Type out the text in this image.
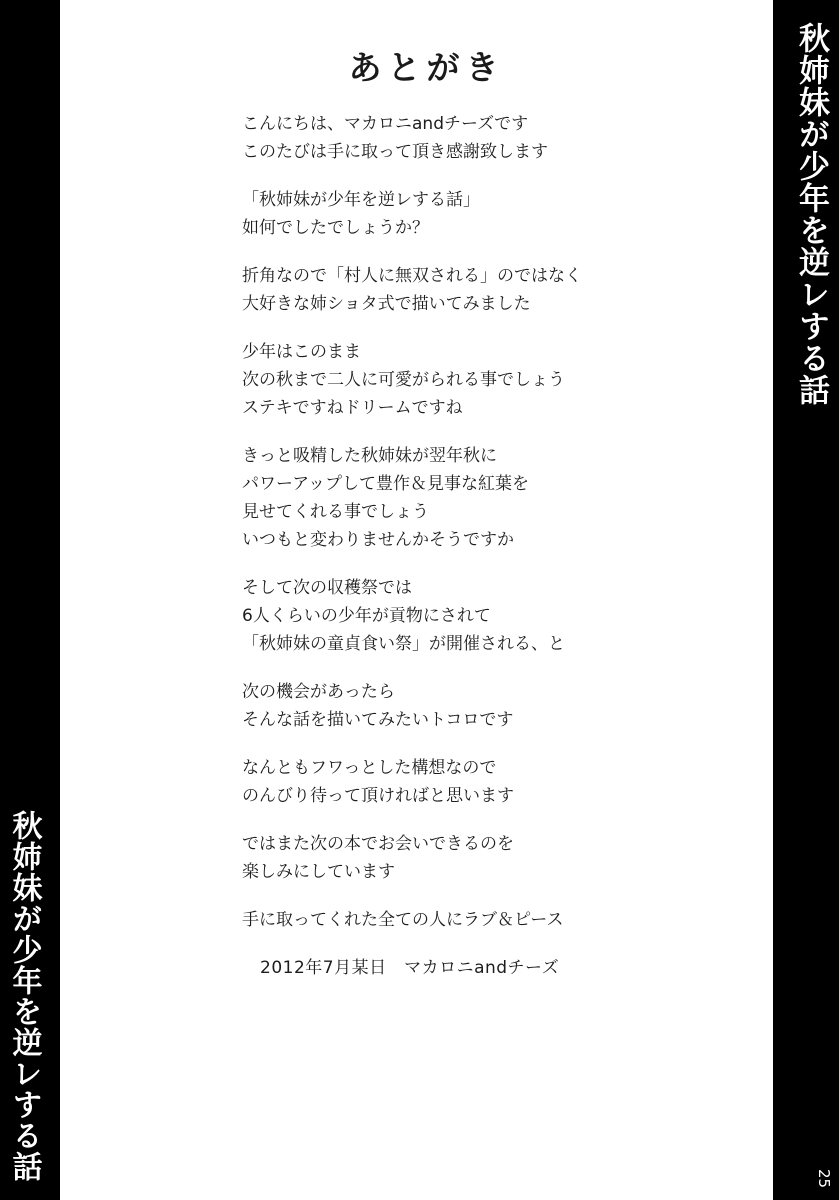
秋姉妹が少年を逆レする話
秋姉妹が少年を逆レする話
25
あとがき
こんにちは、マカロニandチーズです
このたびは手に取って頂き感謝致します
「秋姉妹が少年を逆レする話」
如何でしたでしょうか？
折角なので「村人に無双される」のではなく
大好きな姉ショタ式で描いてみました
少年はこのまま
次の秋まで二人に可愛がられる事でしょう
ステキですねドリームですね
きっと吸精した秋姉妹が翌年秋に
パワーアップして豊作＆見事な紅葉を
見せてくれる事でしょう
いつもと変わりませんかそうですか
そして次の収穫祭では
6人くらいの少年が貢物にされて
「秋姉妹の童貞食い祭」が開催される、と
次の機会があったら
そんな話を描いてみたいトコロです
なんともフワっとした構想なので
のんびり待って頂ければと思います
ではまた次の本でお会いできるのを
楽しみにしています
手に取ってくれた全ての人にラブ＆ピース
2012年7月某日　マカロニandチーズ
